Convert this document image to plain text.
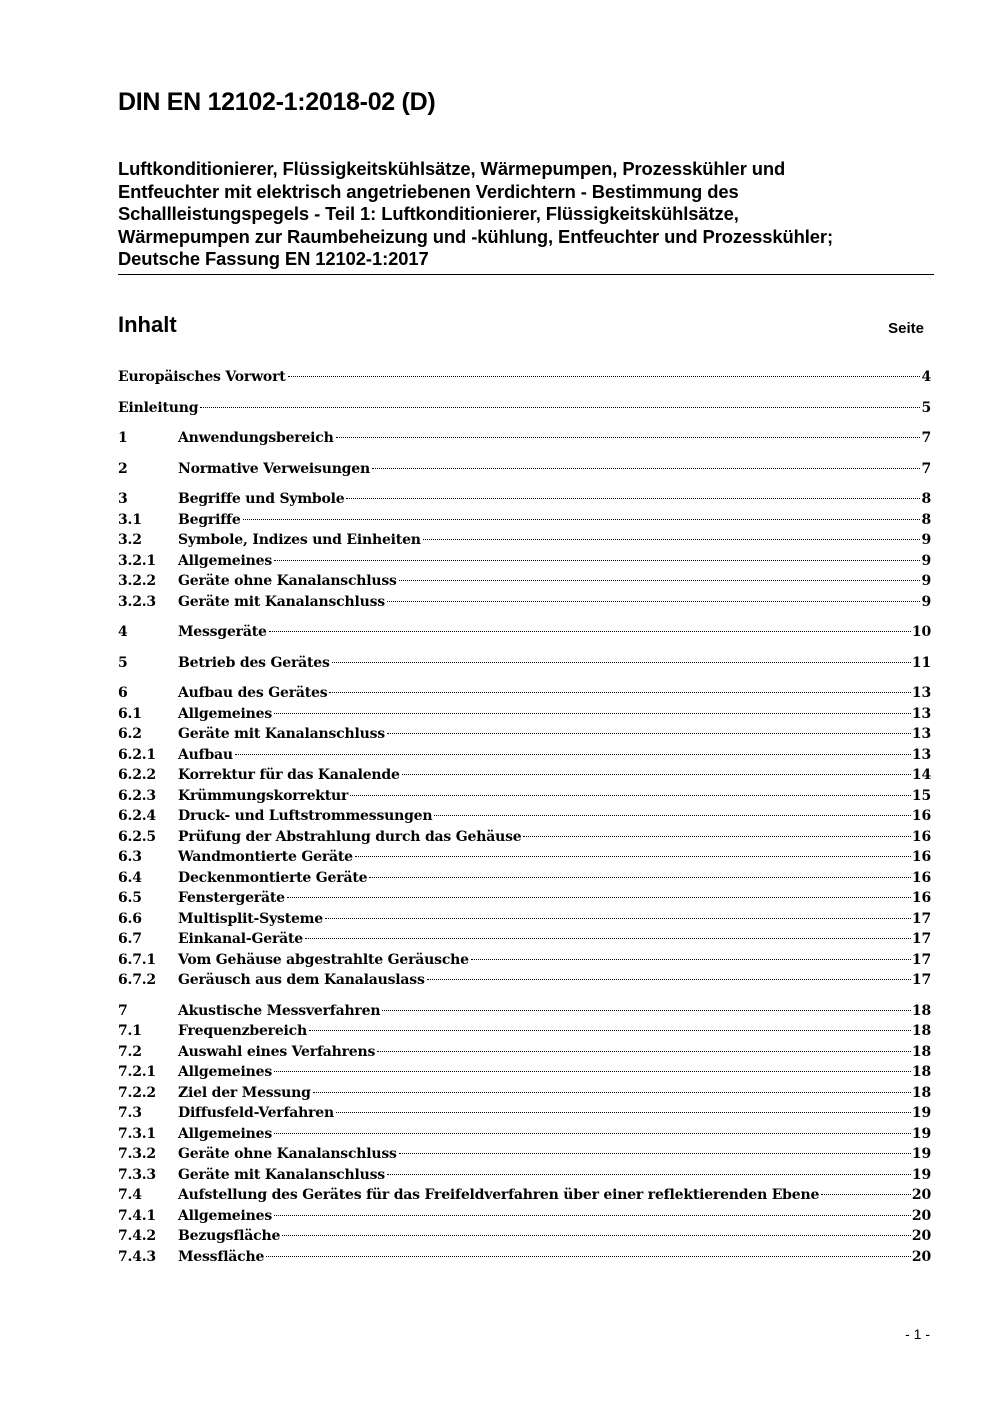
DIN EN 12102-1:2018-02 (D)
Luftkonditionierer, Flüssigkeitskühlsätze, Wärmepumpen, Prozesskühler und
Entfeuchter mit elektrisch angetriebenen Verdichtern - Bestimmung des
Schallleistungspegels - Teil 1: Luftkonditionierer, Flüssigkeitskühlsätze,
Wärmepumpen zur Raumbeheizung und -kühlung, Entfeuchter und Prozesskühler;
Deutsche Fassung EN 12102-1:2017
Inhalt	Seite
Europäisches Vorwort	4
Einleitung	5
1	Anwendungsbereich	7
2	Normative Verweisungen	7
3	Begriffe und Symbole	8
3.1	Begriffe	8
3.2	Symbole, Indizes und Einheiten	9
3.2.1	Allgemeines	9
3.2.2	Geräte ohne Kanalanschluss	9
3.2.3	Geräte mit Kanalanschluss	9
4	Messgeräte	10
5	Betrieb des Gerätes	11
6	Aufbau des Gerätes	13
6.1	Allgemeines	13
6.2	Geräte mit Kanalanschluss	13
6.2.1	Aufbau	13
6.2.2	Korrektur für das Kanalende	14
6.2.3	Krümmungskorrektur	15
6.2.4	Druck- und Luftstrommessungen	16
6.2.5	Prüfung der Abstrahlung durch das Gehäuse	16
6.3	Wandmontierte Geräte	16
6.4	Deckenmontierte Geräte	16
6.5	Fenstergeräte	16
6.6	Multisplit-Systeme	17
6.7	Einkanal-Geräte	17
6.7.1	Vom Gehäuse abgestrahlte Geräusche	17
6.7.2	Geräusch aus dem Kanalauslass	17
7	Akustische Messverfahren	18
7.1	Frequenzbereich	18
7.2	Auswahl eines Verfahrens	18
7.2.1	Allgemeines	18
7.2.2	Ziel der Messung	18
7.3	Diffusfeld-Verfahren	19
7.3.1	Allgemeines	19
7.3.2	Geräte ohne Kanalanschluss	19
7.3.3	Geräte mit Kanalanschluss	19
7.4	Aufstellung des Gerätes für das Freifeldverfahren über einer reflektierenden Ebene	20
7.4.1	Allgemeines	20
7.4.2	Bezugsfläche	20
7.4.3	Messfläche	20
- 1 -
